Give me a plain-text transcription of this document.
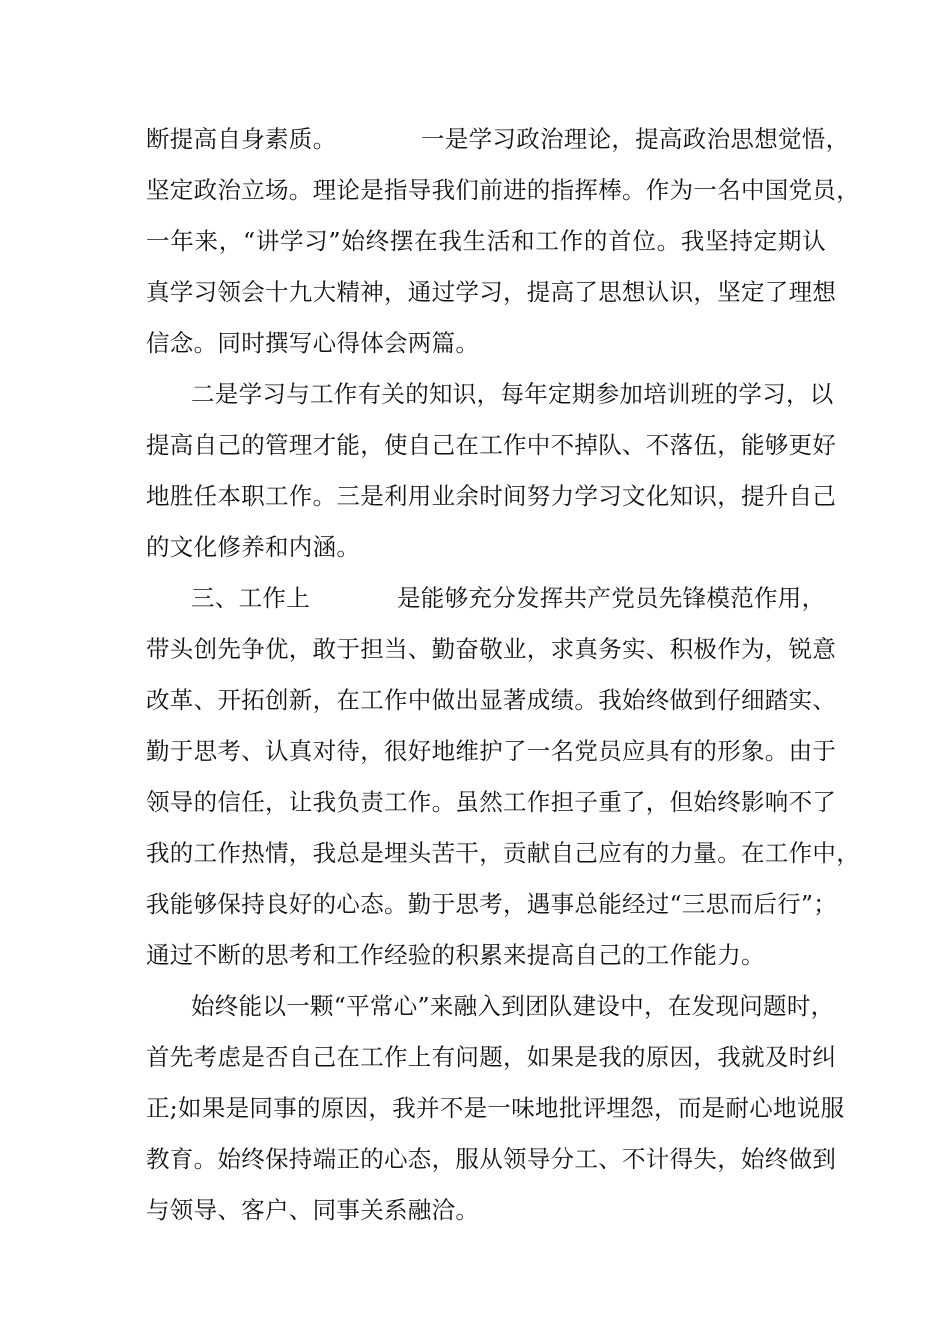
断提高自身素质。	一是学习政治理论，提高政治思想觉悟，
坚定政治立场。理论是指导我们前进的指挥棒。作为一名中国党员，
一年来，“讲学习”始终摆在我生活和工作的首位。我坚持定期认
真学习领会十九大精神，通过学习，提高了思想认识，坚定了理想
信念。同时撰写心得体会两篇。
二是学习与工作有关的知识，每年定期参加培训班的学习，以
提高自己的管理才能，使自己在工作中不掉队、不落伍，能够更好
地胜任本职工作。三是利用业余时间努力学习文化知识，提升自己
的文化修养和内涵。
三、工作上	是能够充分发挥共产党员先锋模范作用，
带头创先争优，敢于担当、勤奋敬业，求真务实、积极作为，锐意
改革、开拓创新，在工作中做出显著成绩。我始终做到仔细踏实、
勤于思考、认真对待，很好地维护了一名党员应具有的形象。由于
领导的信任，让我负责工作。虽然工作担子重了，但始终影响不了
我的工作热情，我总是埋头苦干，贡献自己应有的力量。在工作中，
我能够保持良好的心态。勤于思考，遇事总能经过“三思而后行”；
通过不断的思考和工作经验的积累来提高自己的工作能力。
始终能以一颗“平常心”来融入到团队建设中，在发现问题时，
首先考虑是否自己在工作上有问题，如果是我的原因，我就及时纠
正;如果是同事的原因，我并不是一味地批评埋怨，而是耐心地说服
教育。始终保持端正的心态，服从领导分工、不计得失，始终做到
与领导、客户、同事关系融洽。
